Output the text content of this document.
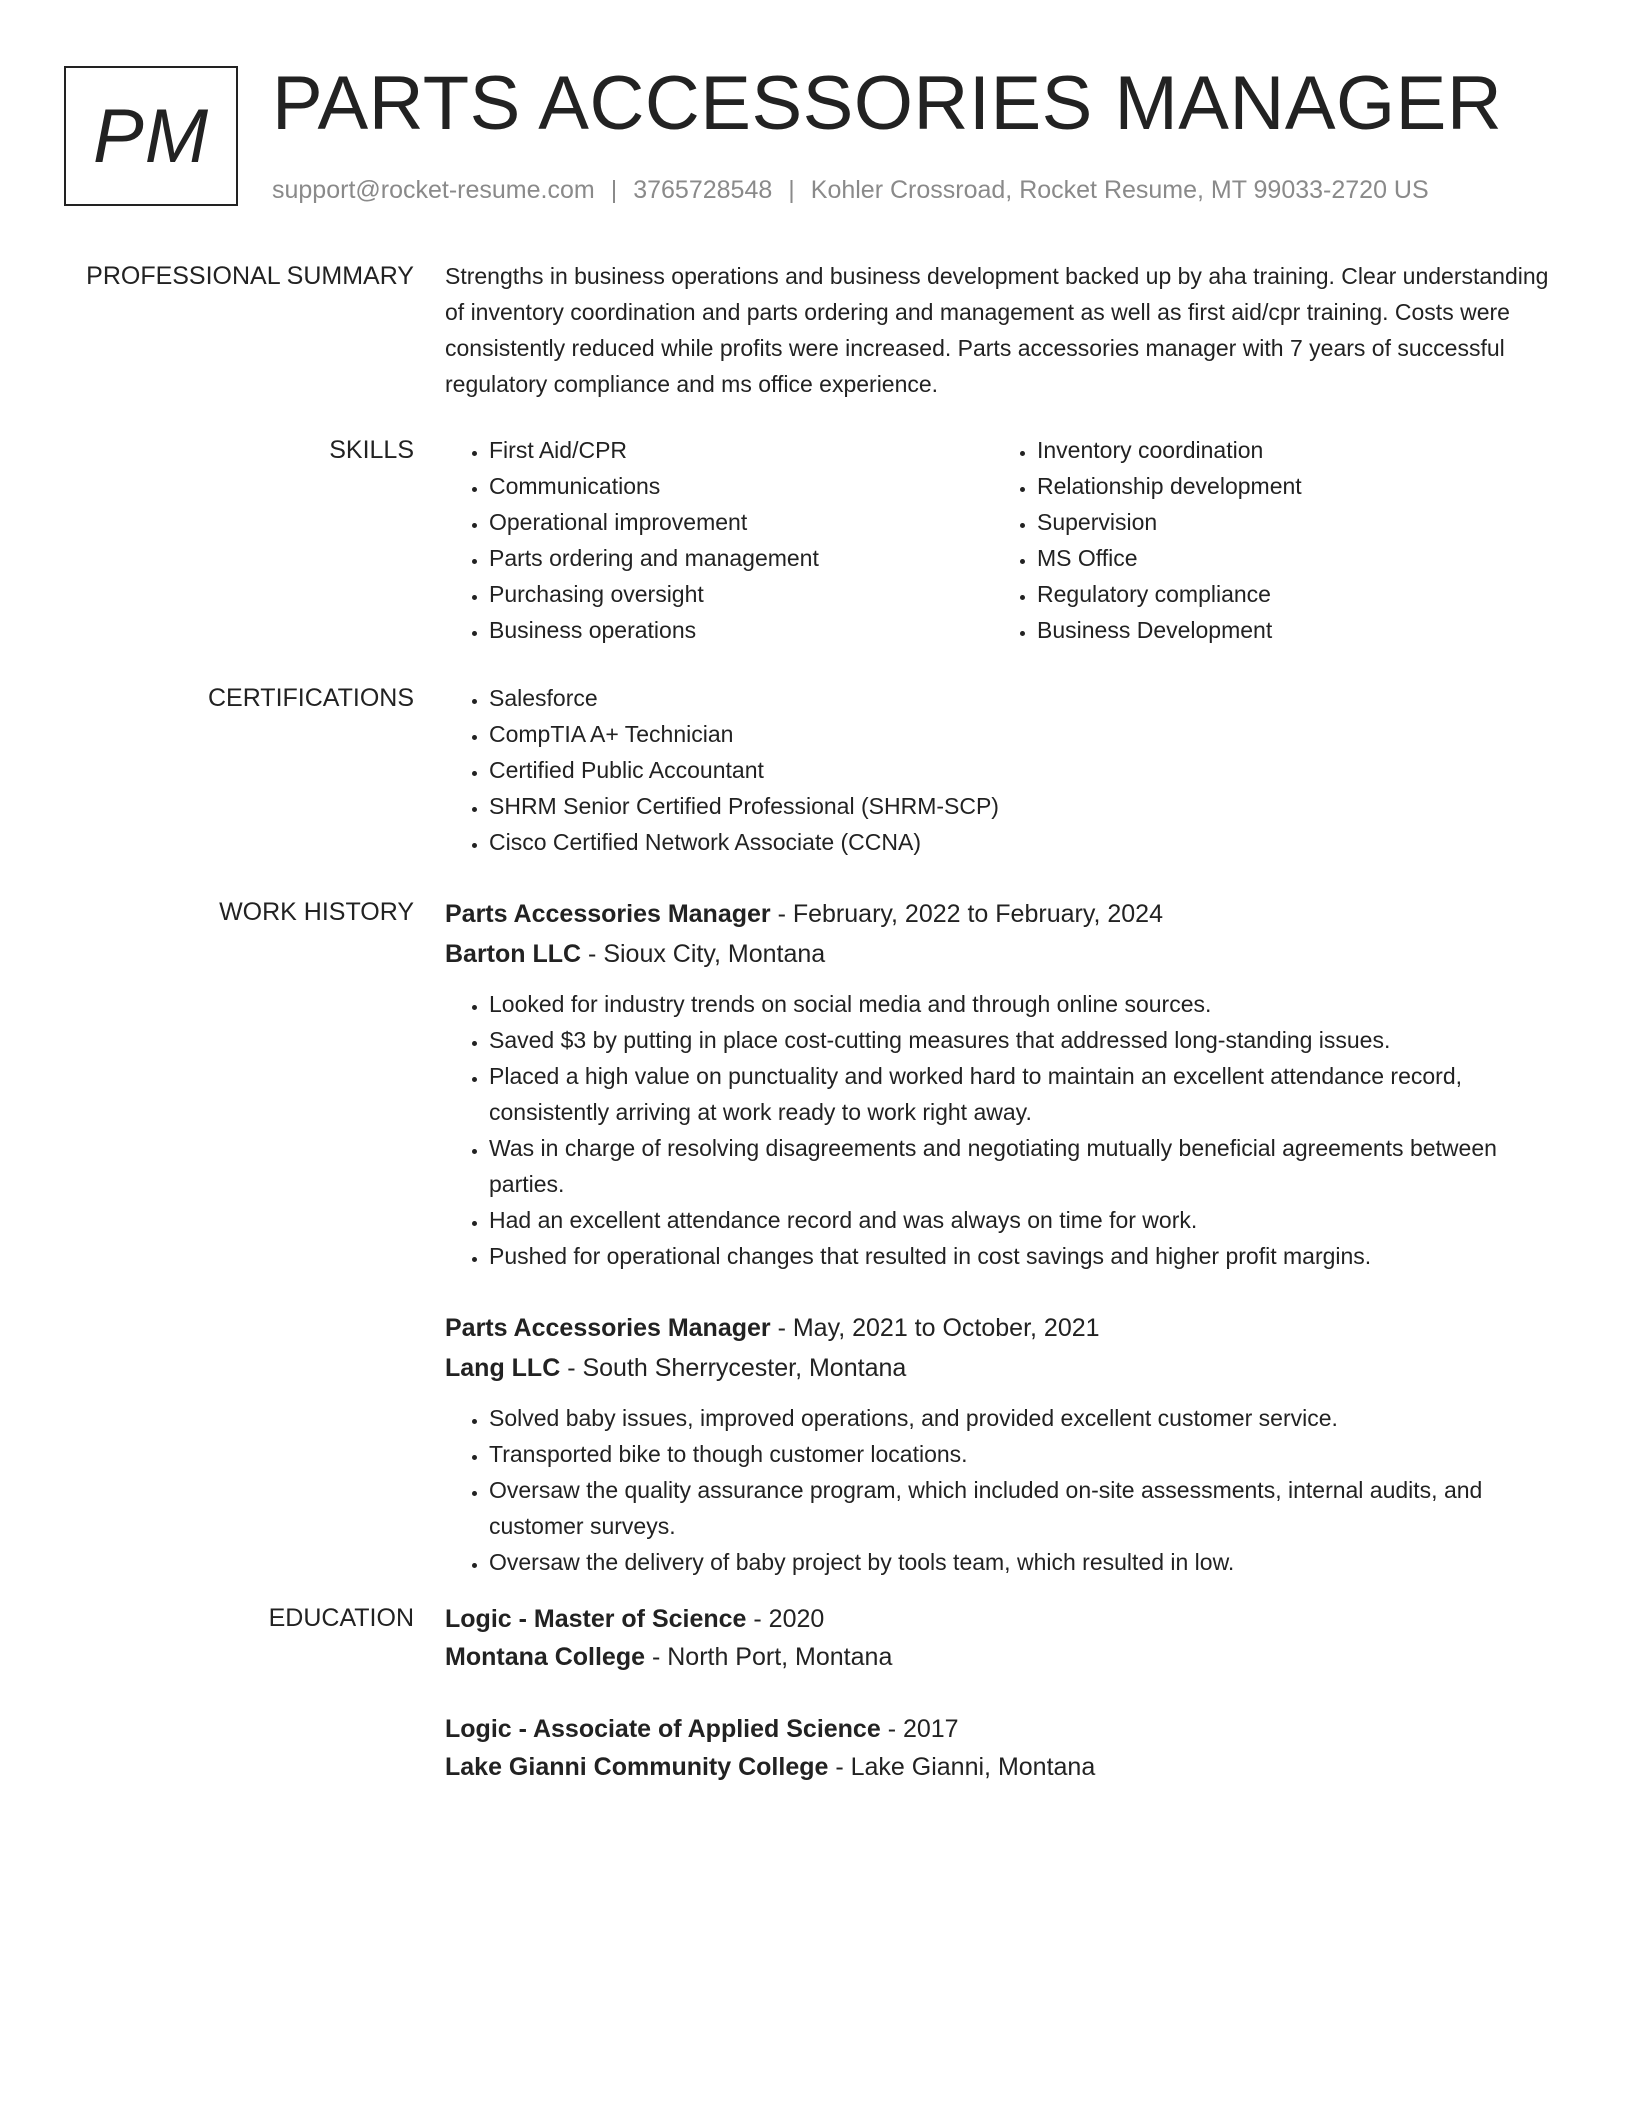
PM PARTS ACCESSORIES MANAGER
support@rocket-resume.com | 3765728548 | Kohler Crossroad, Rocket Resume, MT 99033-2720 US
PROFESSIONAL SUMMARY Strengths in business operations and business development backed up by aha training. Clear understanding of inventory coordination and parts ordering and management as well as first aid/cpr training. Costs were consistently reduced while profits were increased. Parts accessories manager with 7 years of successful regulatory compliance and ms office experience.

SKILLS	• First Aid/CPR
• Communications
• Operational improvement
• Parts ordering and management
• Purchasing oversight
• Business operations
• Inventory coordination
• Relationship development
• Supervision
• MS Office
• Regulatory compliance
• Business Development
CERTIFICATIONS	• Salesforce
• CompTIA A+ Technician
• Certified Public Accountant
• SHRM Senior Certified Professional (SHRM-SCP)
• Cisco Certified Network Associate (CCNA)
WORK HISTORY Parts Accessories Manager - February, 2022 to February, 2024
Barton LLC - Sioux City, Montana
• Looked for industry trends on social media and through online sources.
• Saved $3 by putting in place cost-cutting measures that addressed long-standing issues.
• Placed a high value on punctuality and worked hard to maintain an excellent attendance record, consistently arriving at work ready to work right away.
• Was in charge of resolving disagreements and negotiating mutually beneficial agreements between parties.
• Had an excellent attendance record and was always on time for work.
• Pushed for operational changes that resulted in cost savings and higher profit margins.
Parts Accessories Manager - May, 2021 to October, 2021
Lang LLC - South Sherrycester, Montana
• Solved baby issues, improved operations, and provided excellent customer service.
• Transported bike to though customer locations.
• Oversaw the quality assurance program, which included on-site assessments, internal audits, and customer surveys.
• Oversaw the delivery of baby project by tools team, which resulted in low.
EDUCATION Logic - Master of Science - 2020
Montana College - North Port, Montana
Logic - Associate of Applied Science - 2017
Lake Gianni Community College - Lake Gianni, Montana
